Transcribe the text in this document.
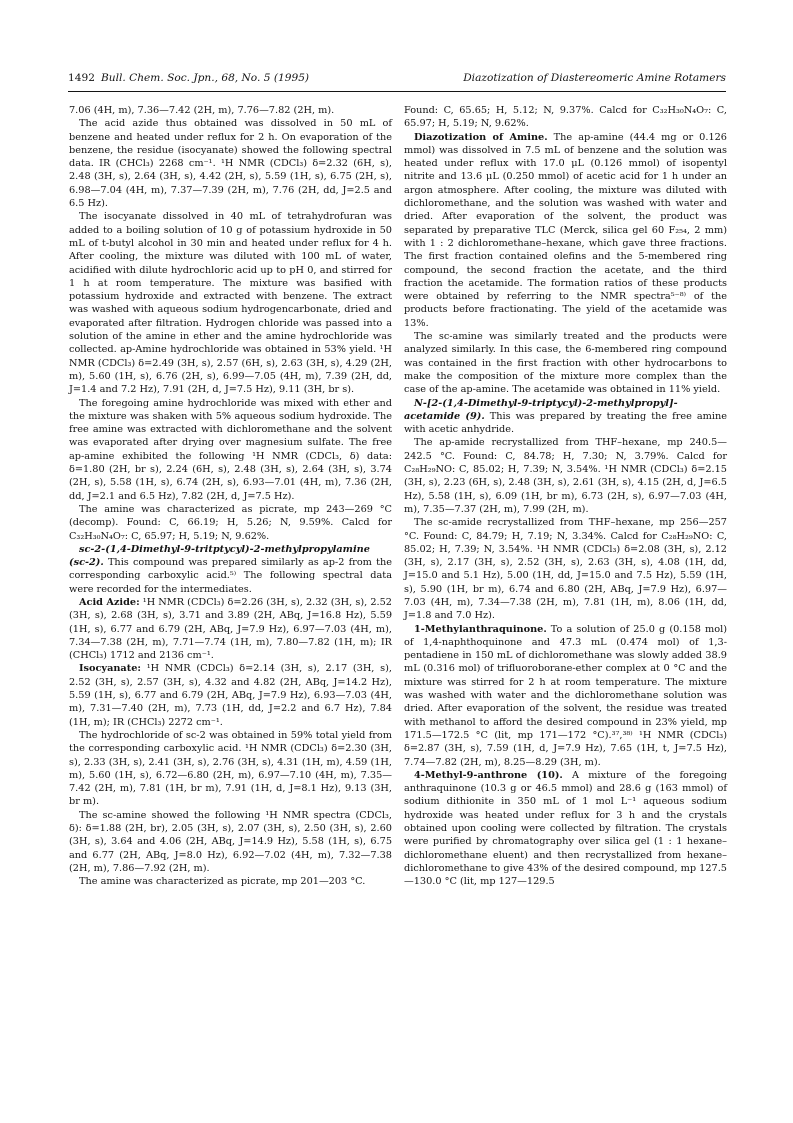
1492 Bull. Chem. Soc. Jpn., 68, No. 5 (1995)	Diazotization of Diastereomeric Amine Rotamers

7.06 (4H, m), 7.36—7.42 (2H, m), 7.76—7.82 (2H, m).

The acid azide thus obtained was dissolved in 50 mL of benzene and heated under reflux for 2 h. On evaporation of the benzene, the residue (isocyanate) showed the following spectral data. IR (CHCl₃) 2268 cm⁻¹. ¹H NMR (CDCl₃) δ=2.32 (6H, s), 2.48 (3H, s), 2.64 (3H, s), 4.42 (2H, s), 5.59 (1H, s), 6.75 (2H, s), 6.98—7.04 (4H, m), 7.37—7.39 (2H, m), 7.76 (2H, dd, J=2.5 and 6.5 Hz).

The isocyanate dissolved in 40 mL of tetrahydrofuran was added to a boiling solution of 10 g of potassium hydroxide in 50 mL of t-butyl alcohol in 30 min and heated under reflux for 4 h. After cooling, the mixture was diluted with 100 mL of water, acidified with dilute hydrochloric acid up to pH 0, and stirred for 1 h at room temperature. The mixture was basified with potassium hydroxide and extracted with benzene. The extract was washed with aqueous sodium hydrogencarbonate, dried and evaporated after filtration. Hydrogen chloride was passed into a solution of the amine in ether and the amine hydrochloride was collected. ap-Amine hydrochloride was obtained in 53% yield. ¹H NMR (CDCl₃) δ=2.49 (3H, s), 2.57 (6H, s), 2.63 (3H, s), 4.29 (2H, m), 5.60 (1H, s), 6.76 (2H, s), 6.99—7.05 (4H, m), 7.39 (2H, dd, J=1.4 and 7.2 Hz), 7.91 (2H, d, J=7.5 Hz), 9.11 (3H, br s).

The foregoing amine hydrochloride was mixed with ether and the mixture was shaken with 5% aqueous sodium hydroxide. The free amine was extracted with dichloromethane and the solvent was evaporated after drying over magnesium sulfate. The free ap-amine exhibited the following ¹H NMR (CDCl₃, δ) data: δ=1.80 (2H, br s), 2.24 (6H, s), 2.48 (3H, s), 2.64 (3H, s), 3.74 (2H, s), 5.58 (1H, s), 6.74 (2H, s), 6.93—7.01 (4H, m), 7.36 (2H, dd, J=2.1 and 6.5 Hz), 7.82 (2H, d, J=7.5 Hz).

The amine was characterized as picrate, mp 243—269 °C (decomp). Found: C, 66.19; H, 5.26; N, 9.59%. Calcd for C₃₂H₃₀N₄O₇: C, 65.97; H, 5.19; N, 9.62%.

sc-2-(1,4-Dimethyl-9-tritptycyl)-2-methylpropylamine (sc-2). This compound was prepared similarly as ap-2 from the corresponding carboxylic acid.⁵⁾ The following spectral data were recorded for the intermediates.

Acid Azide: ¹H NMR (CDCl₃) δ=2.26 (3H, s), 2.32 (3H, s), 2.52 (3H, s), 2.68 (3H, s), 3.71 and 3.89 (2H, ABq, J=16.8 Hz), 5.59 (1H, s), 6.77 and 6.79 (2H, ABq, J=7.9 Hz), 6.97—7.03 (4H, m), 7.34—7.38 (2H, m), 7.71—7.74 (1H, m), 7.80—7.82 (1H, m); IR (CHCl₃) 1712 and 2136 cm⁻¹.

Isocyanate: ¹H NMR (CDCl₃) δ=2.14 (3H, s), 2.17 (3H, s), 2.52 (3H, s), 2.57 (3H, s), 4.32 and 4.82 (2H, ABq, J=14.2 Hz), 5.59 (1H, s), 6.77 and 6.79 (2H, ABq, J=7.9 Hz), 6.93—7.03 (4H, m), 7.31—7.40 (2H, m), 7.73 (1H, dd, J=2.2 and 6.7 Hz), 7.84 (1H, m); IR (CHCl₃) 2272 cm⁻¹.

The hydrochloride of sc-2 was obtained in 59% total yield from the corresponding carboxylic acid. ¹H NMR (CDCl₃) δ=2.30 (3H, s), 2.33 (3H, s), 2.41 (3H, s), 2.76 (3H, s), 4.31 (1H, m), 4.59 (1H, m), 5.60 (1H, s), 6.72—6.80 (2H, m), 6.97—7.10 (4H, m), 7.35—7.42 (2H, m), 7.81 (1H, br m), 7.91 (1H, d, J=8.1 Hz), 9.13 (3H, br m).

The sc-amine showed the following ¹H NMR spectra (CDCl₃, δ): δ=1.88 (2H, br), 2.05 (3H, s), 2.07 (3H, s), 2.50 (3H, s), 2.60 (3H, s), 3.64 and 4.06 (2H, ABq, J=14.9 Hz), 5.58 (1H, s), 6.75 and 6.77 (2H, ABq, J=8.0 Hz), 6.92—7.02 (4H, m), 7.32—7.38 (2H, m), 7.86—7.92 (2H, m).

The amine was characterized as picrate, mp 201—203 °C.

Found: C, 65.65; H, 5.12; N, 9.37%. Calcd for C₃₂H₃₀N₄O₇: C, 65.97; H, 5.19; N, 9.62%.

Diazotization of Amine. The ap-amine (44.4 mg or 0.126 mmol) was dissolved in 7.5 mL of benzene and the solution was heated under reflux with 17.0 μL (0.126 mmol) of isopentyl nitrite and 13.6 μL (0.250 mmol) of acetic acid for 1 h under an argon atmosphere. After cooling, the mixture was diluted with dichloromethane, and the solution was washed with water and dried. After evaporation of the solvent, the product was separated by preparative TLC (Merck, silica gel 60 F₂₅₄, 2 mm) with 1 : 2 dichloromethane–hexane, which gave three fractions. The first fraction contained olefins and the 5-membered ring compound, the second fraction the acetate, and the third fraction the acetamide. The formation ratios of these products were obtained by referring to the NMR spectra⁵⁻⁸⁾ of the products before fractionating. The yield of the acetamide was 13%.

The sc-amine was similarly treated and the products were analyzed similarly. In this case, the 6-membered ring compound was contained in the first fraction with other hydrocarbons to make the composition of the mixture more complex than the case of the ap-amine. The acetamide was obtained in 11% yield.

N-[2-(1,4-Dimethyl-9-triptycyl)-2-methylpropyl]-acetamide (9). This was prepared by treating the free amine with acetic anhydride.

The ap-amide recrystallized from THF–hexane, mp 240.5—242.5 °C. Found: C, 84.78; H, 7.30; N, 3.79%. Calcd for C₂₈H₂₉NO: C, 85.02; H, 7.39; N, 3.54%. ¹H NMR (CDCl₃) δ=2.15 (3H, s), 2.23 (6H, s), 2.48 (3H, s), 2.61 (3H, s), 4.15 (2H, d, J=6.5 Hz), 5.58 (1H, s), 6.09 (1H, br m), 6.73 (2H, s), 6.97—7.03 (4H, m), 7.35—7.37 (2H, m), 7.99 (2H, m).

The sc-amide recrystallized from THF–hexane, mp 256—257 °C. Found: C, 84.79; H, 7.19; N, 3.34%. Calcd for C₂₈H₂₉NO: C, 85.02; H, 7.39; N, 3.54%. ¹H NMR (CDCl₃) δ=2.08 (3H, s), 2.12 (3H, s), 2.17 (3H, s), 2.52 (3H, s), 2.63 (3H, s), 4.08 (1H, dd, J=15.0 and 5.1 Hz), 5.00 (1H, dd, J=15.0 and 7.5 Hz), 5.59 (1H, s), 5.90 (1H, br m), 6.74 and 6.80 (2H, ABq, J=7.9 Hz), 6.97—7.03 (4H, m), 7.34—7.38 (2H, m), 7.81 (1H, m), 8.06 (1H, dd, J=1.8 and 7.0 Hz).

1-Methylanthraquinone. To a solution of 25.0 g (0.158 mol) of 1,4-naphthoquinone and 47.3 mL (0.474 mol) of 1,3-pentadiene in 150 mL of dichloromethane was slowly added 38.9 mL (0.316 mol) of trifluoroborane-ether complex at 0 °C and the mixture was stirred for 2 h at room temperature. The mixture was washed with water and the dichloromethane solution was dried. After evaporation of the solvent, the residue was treated with methanol to afford the desired compound in 23% yield, mp 171.5—172.5 °C (lit, mp 171—172 °C).³⁷,³⁸⁾ ¹H NMR (CDCl₃) δ=2.87 (3H, s), 7.59 (1H, d, J=7.9 Hz), 7.65 (1H, t, J=7.5 Hz), 7.74—7.82 (2H, m), 8.25—8.29 (3H, m).

4-Methyl-9-anthrone (10). A mixture of the foregoing anthraquinone (10.3 g or 46.5 mmol) and 28.6 g (163 mmol) of sodium dithionite in 350 mL of 1 mol L⁻¹ aqueous sodium hydroxide was heated under reflux for 3 h and the crystals obtained upon cooling were collected by filtration. The crystals were purified by chromatography over silica gel (1 : 1 hexane–dichloromethane eluent) and then recrystallized from hexane–dichloromethane to give 43% of the desired compound, mp 127.5—130.0 °C (lit, mp 127—129.5
